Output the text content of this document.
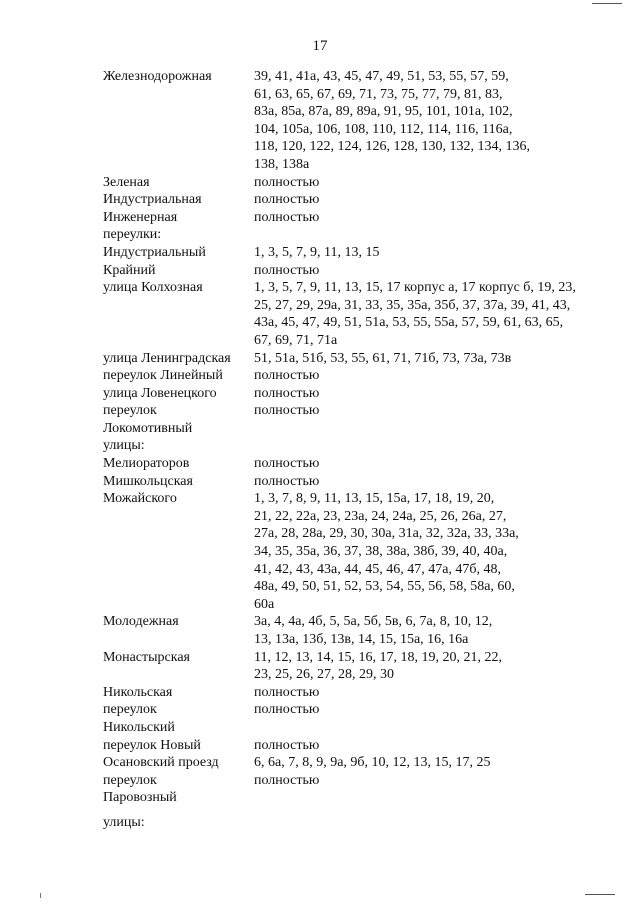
17
Железнодорожная	39, 41, 41а, 43, 45, 47, 49, 51, 53, 55, 57, 59,
61, 63, 65, 67, 69, 71, 73, 75, 77, 79, 81, 83,
83а, 85а, 87а, 89, 89а, 91, 95, 101, 101а, 102,
104, 105а, 106, 108, 110, 112, 114, 116, 116а,
118, 120, 122, 124, 126, 128, 130, 132, 134, 136,
138, 138а
Зеленая	полностью
Индустриальная	полностью
Инженерная	полностью
переулки:
Индустриальный	1, 3, 5, 7, 9, 11, 13, 15
Крайний	полностью
улица Колхозная	1, 3, 5, 7, 9, 11, 13, 15, 17 корпус а, 17 корпус б, 19, 23,
25, 27, 29, 29а, 31, 33, 35, 35а, 35б, 37, 37а, 39, 41, 43,
43а, 45, 47, 49, 51, 51а, 53, 55, 55а, 57, 59, 61, 63, 65,
67, 69, 71, 71а
улица Ленинградская	51, 51а, 51б, 53, 55, 61, 71, 71б, 73, 73а, 73в
переулок Линейный	полностью
улица Ловенецкого	полностью
переулок	полностью
Локомотивный
улицы:
Мелиораторов	полностью
Мишкольцская	полностью
Можайского	1, 3, 7, 8, 9, 11, 13, 15, 15а, 17, 18, 19, 20,
21, 22, 22а, 23, 23а, 24, 24а, 25, 26, 26а, 27,
27а, 28, 28а, 29, 30, 30а, 31а, 32, 32а, 33, 33а,
34, 35, 35а, 36, 37, 38, 38а, 38б, 39, 40, 40а,
41, 42, 43, 43а, 44, 45, 46, 47, 47а, 47б, 48,
48а, 49, 50, 51, 52, 53, 54, 55, 56, 58, 58а, 60,
60а
Молодежная	3а, 4, 4а, 4б, 5, 5а, 5б, 5в, 6, 7а, 8, 10, 12,
13, 13а, 13б, 13в, 14, 15, 15а, 16, 16а
Монастырская	11, 12, 13, 14, 15, 16, 17, 18, 19, 20, 21, 22,
23, 25, 26, 27, 28, 29, 30
Никольская	полностью
переулок	полностью
Никольский
переулок Новый	полностью
Осановский проезд	6, 6а, 7, 8, 9, 9а, 9б, 10, 12, 13, 15, 17, 25
переулок	полностью
Паровозный
улицы:
